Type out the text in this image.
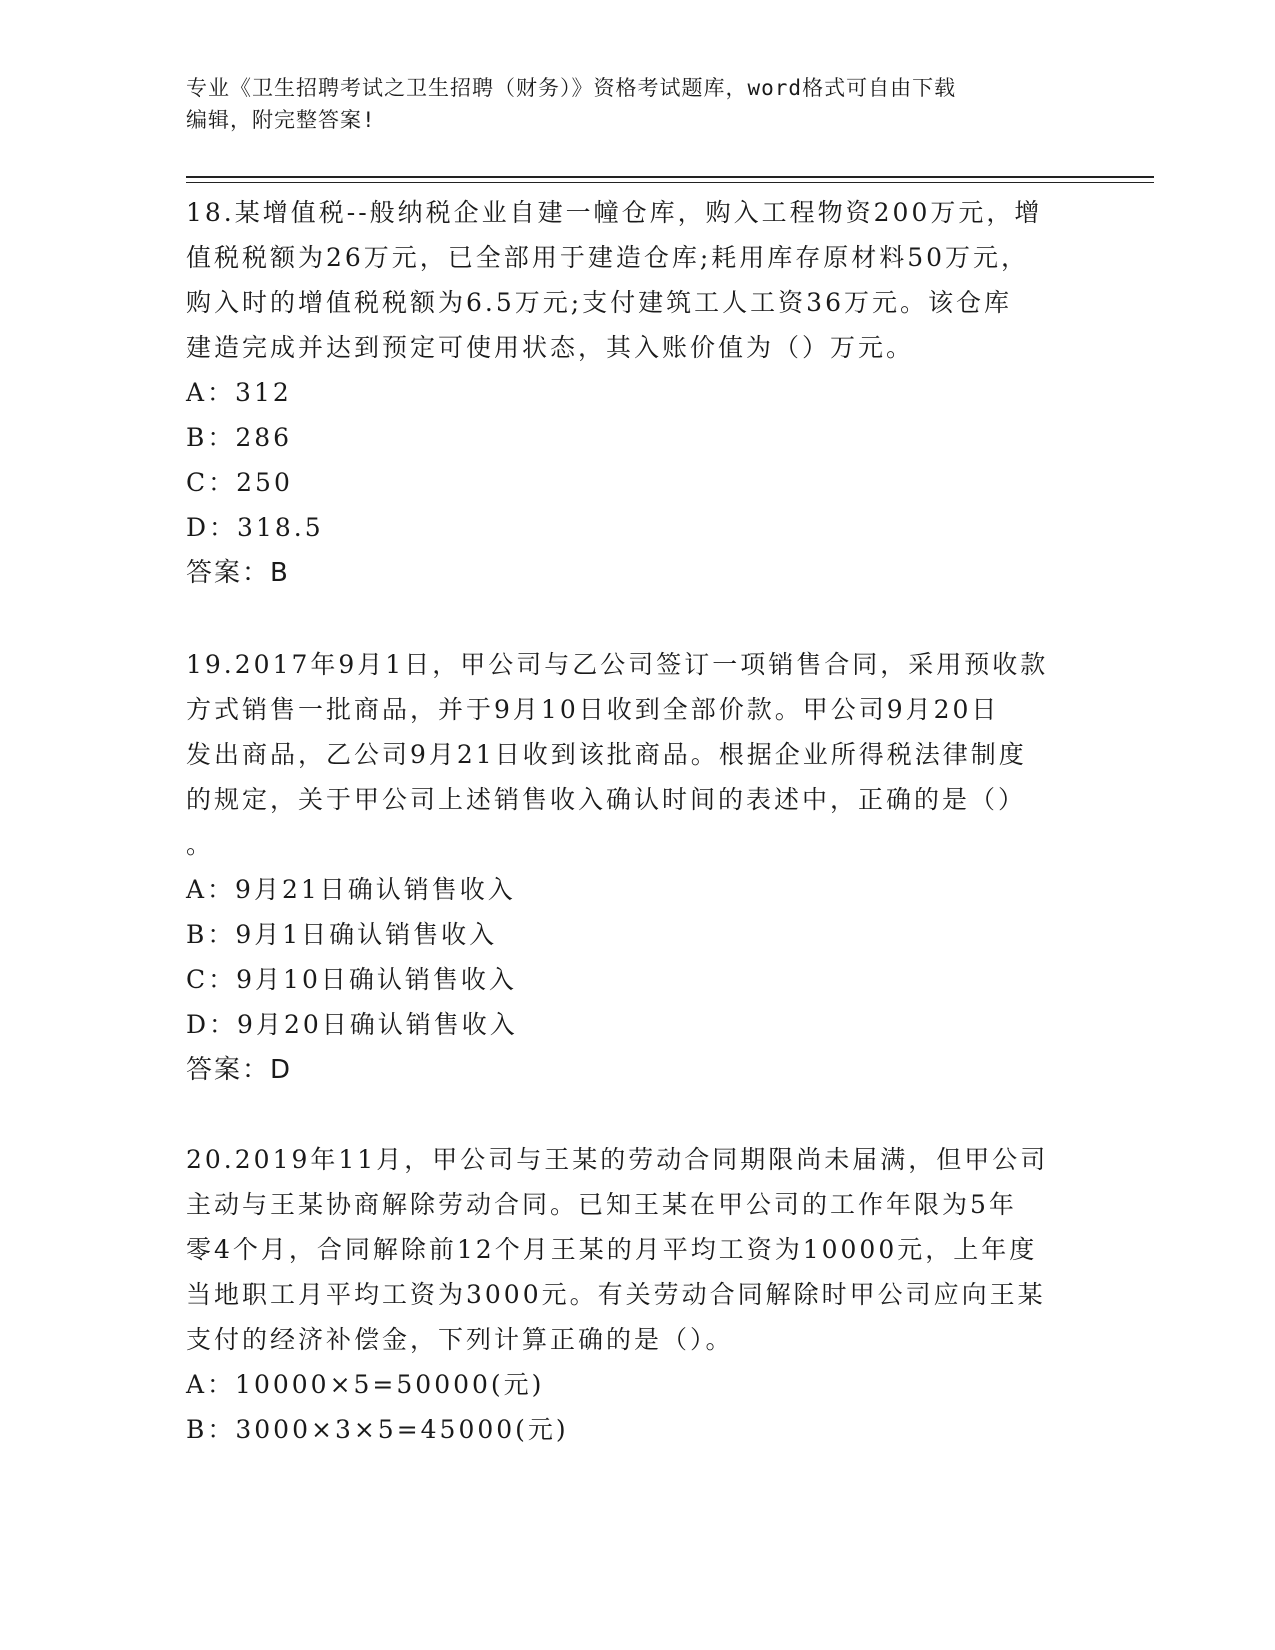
专业《卫生招聘考试之卫生招聘（财务）》资格考试题库，word格式可自由下载
编辑，附完整答案!

18.某增值税--般纳税企业自建一幢仓库，购入工程物资200万元，增

值税税额为26万元，已全部用于建造仓库;耗用库存原材料50万元，

购入时的增值税税额为6.5万元;支付建筑工人工资36万元。该仓库

建造完成并达到预定可使用状态，其入账价值为（）万元。

A：312

B：286

C：250

D：318.5

答案：B

19.2017年9月1日，甲公司与乙公司签订一项销售合同，采用预收款

方式销售一批商品，并于9月10日收到全部价款。甲公司9月20日

发出商品，乙公司9月21日收到该批商品。根据企业所得税法律制度

的规定，关于甲公司上述销售收入确认时间的表述中，正确的是（）

。

A：9月21日确认销售收入

B：9月1日确认销售收入

C：9月10日确认销售收入

D：9月20日确认销售收入

答案：D

20.2019年11月，甲公司与王某的劳动合同期限尚未届满，但甲公司

主动与王某协商解除劳动合同。已知王某在甲公司的工作年限为5年

零4个月，合同解除前12个月王某的月平均工资为10000元，上年度

当地职工月平均工资为3000元。有关劳动合同解除时甲公司应向王某

支付的经济补偿金，下列计算正确的是（）。

A：10000×5=50000(元)

B：3000×3×5=45000(元)
